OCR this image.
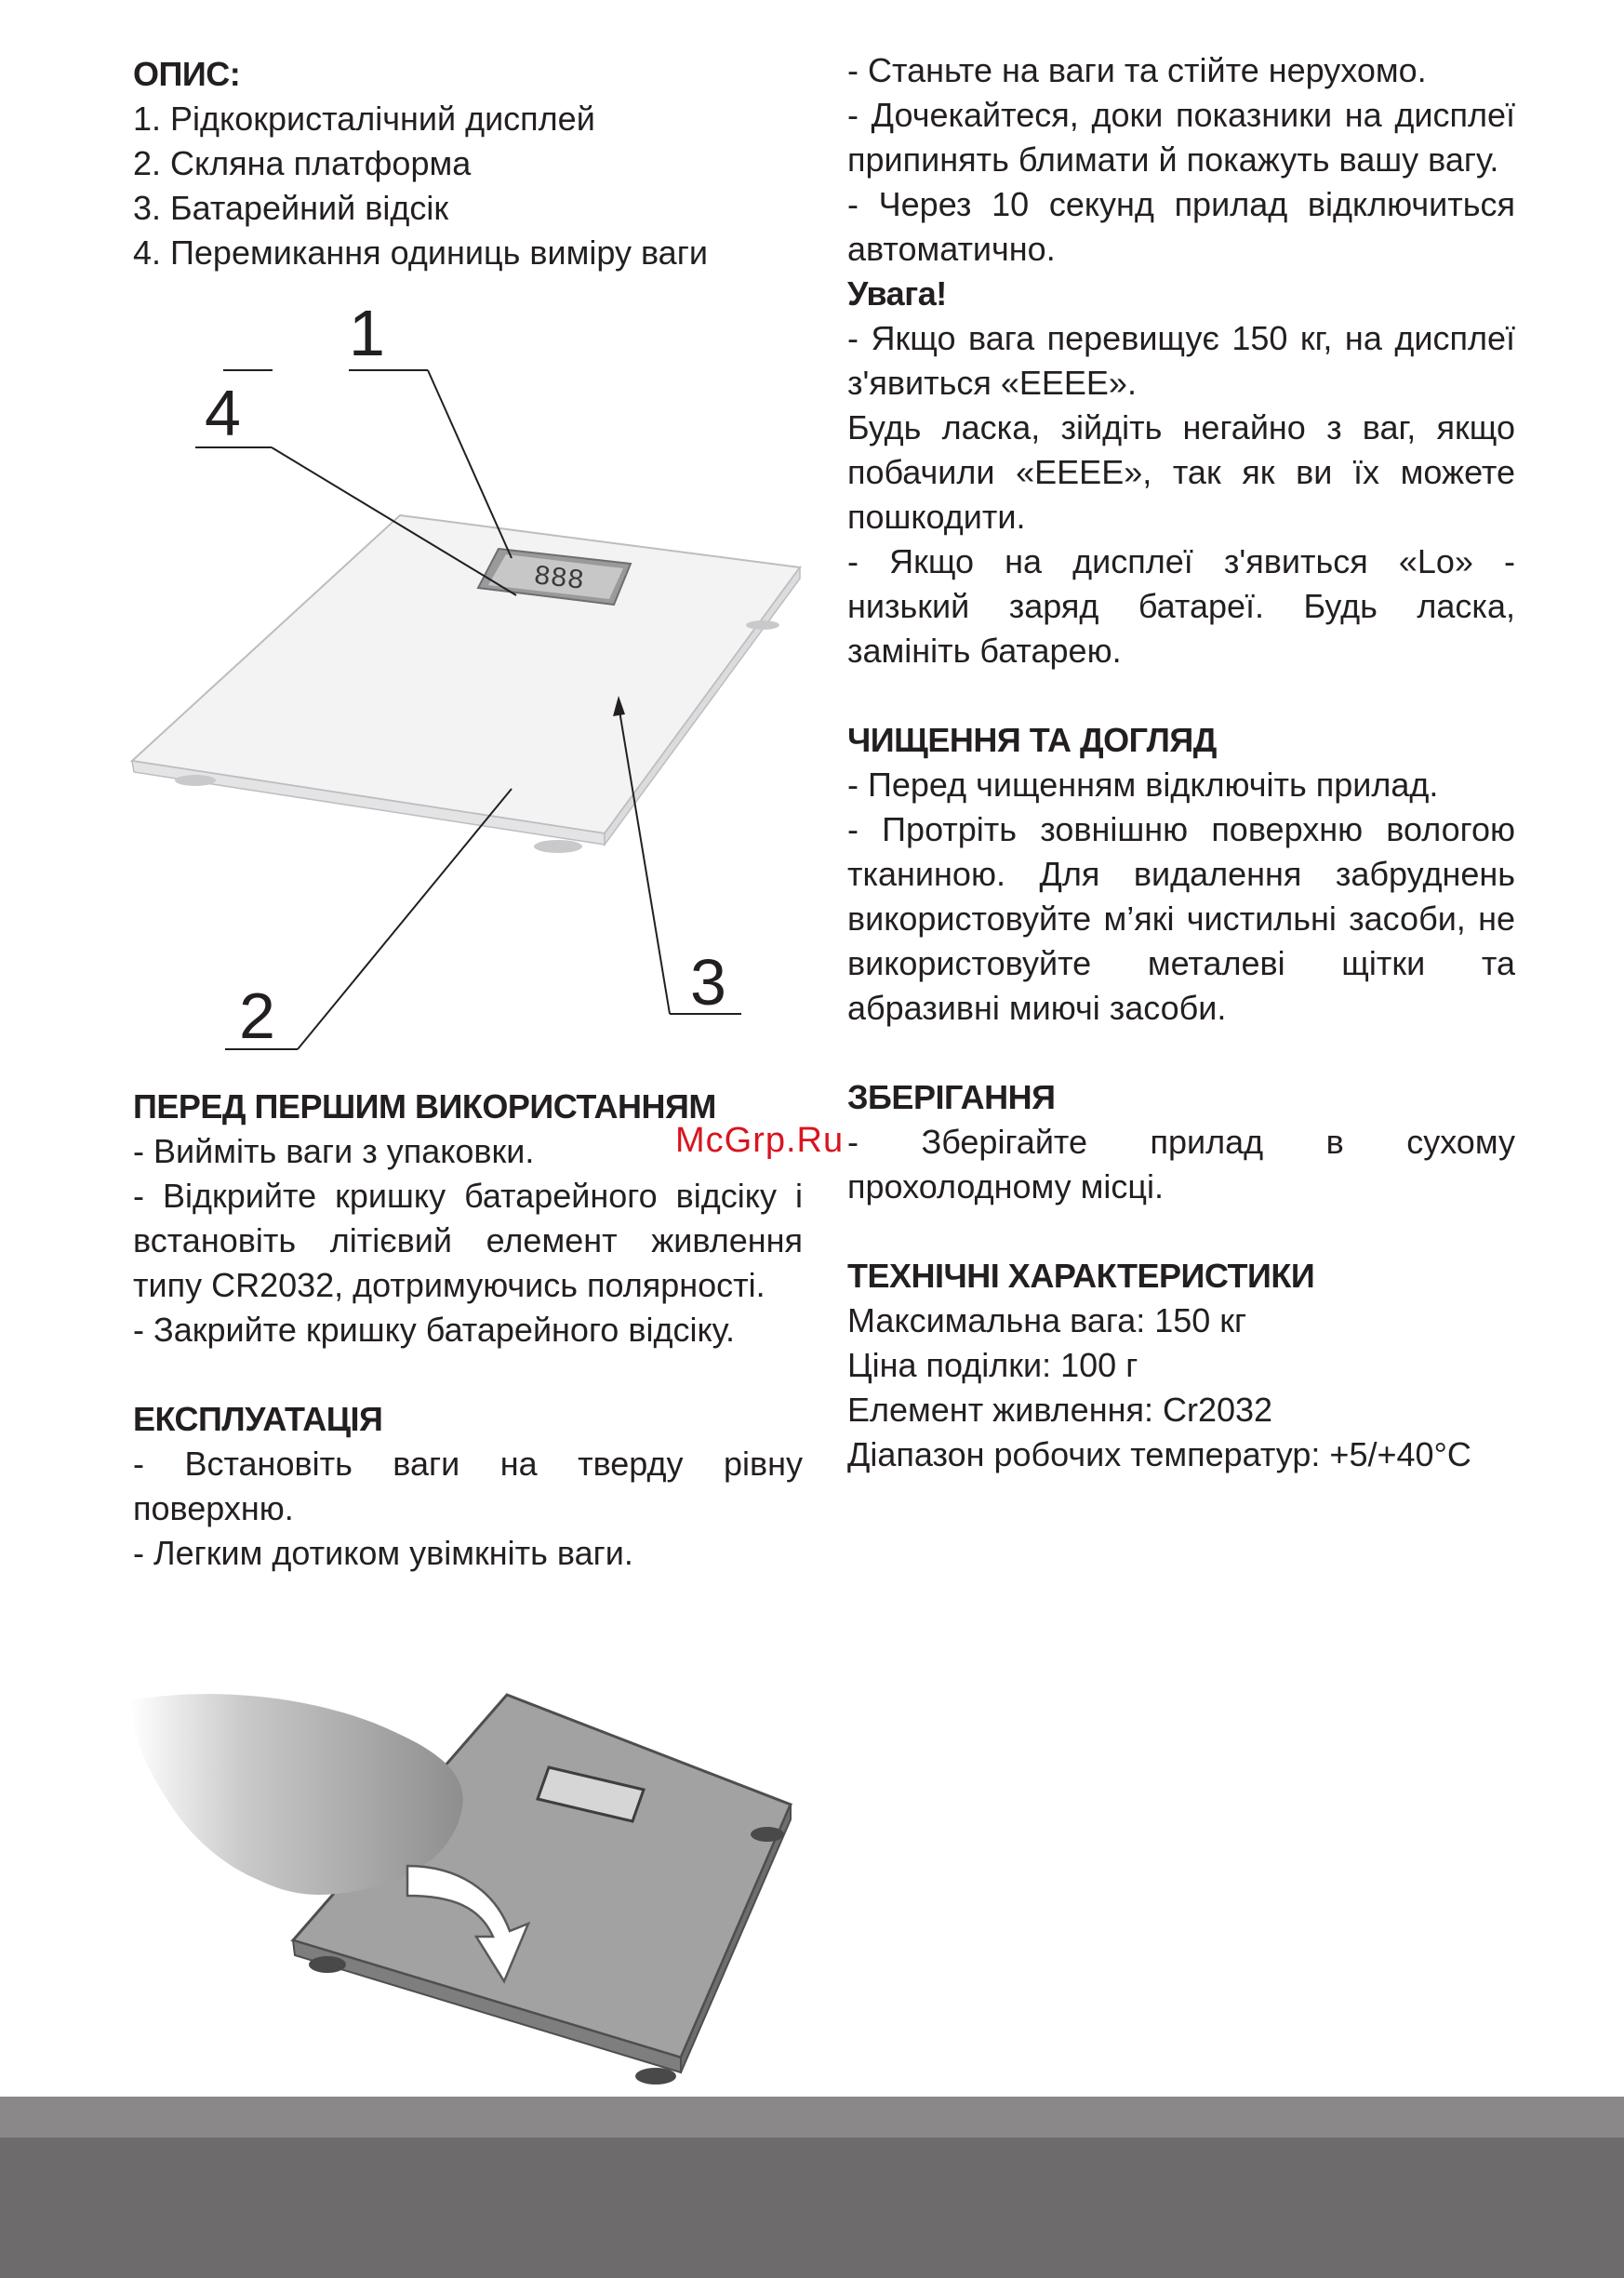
ОПИС:

1. Рідкокристалічний дисплей
2. Скляна платформа
3. Батарейний відсік
4. Перемикання одиниць виміру ваги
888
1
4
3
2

ПЕРЕД ПЕРШИМ ВИКОРИСТАННЯМ

- Вийміть ваги з упаковки.

- Відкрийте кришку батарейного відсіку і встановіть літієвий елемент живлення типу CR2032, дотримуючись полярності.

- Закрийте кришку батарейного відсіку.

ЕКСПЛУАТАЦІЯ

- Встановіть ваги на тверду рівну поверхню.

- Легким дотиком увімкніть ваги.

- Станьте на ваги та стійте нерухомо.

- Дочекайтеся, доки показники на дисплеї припинять блимати й покажуть вашу вагу.

- Через 10 секунд прилад відключиться автоматично.

Увага!

- Якщо вага перевищує 150 кг, на дисплеї з'явиться «EEEE».

Будь ласка, зійдіть негайно з ваг, якщо побачили «EEEE», так як ви їх можете пошкодити.

- Якщо на дисплеї з'явиться «Lo» - низький заряд батареї. Будь ласка, замініть батарею.

ЧИЩЕННЯ ТА ДОГЛЯД

- Перед чищенням відключіть прилад.

- Протріть зовнішню поверхню вологою тканиною. Для видалення забруднень використовуйте м’які чистильні засоби, не використовуйте металеві щітки та абразивні миючі засоби.

ЗБЕРІГАННЯ

- Зберігайте прилад в сухому прохолодному місці.

ТЕХНІЧНІ ХАРАКТЕРИСТИКИ

Максимальна вага: 150 кг
Ціна поділки: 100 г
Елемент живлення: Cr2032
Діапазон робочих температур: +5/+40°С
McGrp.Ru
